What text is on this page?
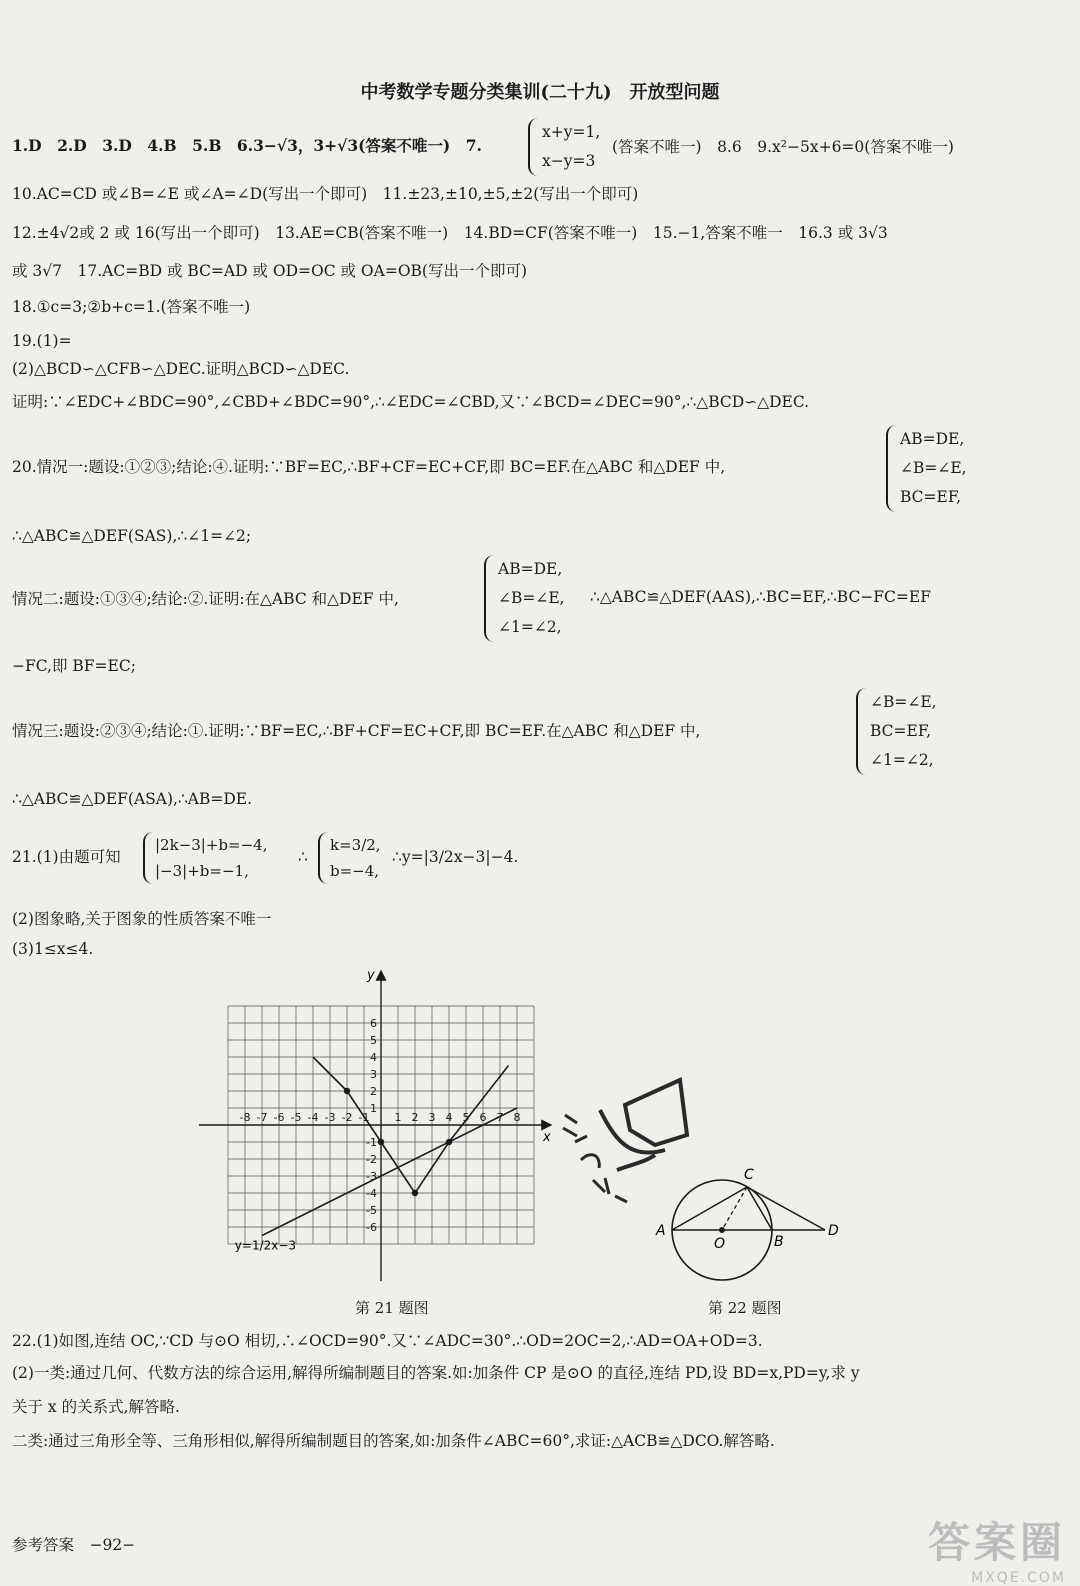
中考数学专题分类集训(二十九)　开放型问题
1.D　2.D　3.D　4.B　5.B　6.3−√3，3+√3(答案不唯一)　7.
x+y=1,
x−y=3
(答案不唯一)　8.6　9.x²−5x+6=0(答案不唯一)
10.AC=CD 或∠B=∠E 或∠A=∠D(写出一个即可)　11.±23,±10,±5,±2(写出一个即可)
12.±4√2或 2 或 16(写出一个即可)　13.AE=CB(答案不唯一)　14.BD=CF(答案不唯一)　15.−1,答案不唯一　16.3 或 3√3
或 3√7　17.AC=BD 或 BC=AD 或 OD=OC 或 OA=OB(写出一个即可)
18.①c=3;②b+c=1.(答案不唯一)
19.(1)=
(2)△BCD∽△CFB∽△DEC.证明△BCD∽△DEC.
证明:∵∠EDC+∠BDC=90°,∠CBD+∠BDC=90°,∴∠EDC=∠CBD,又∵∠BCD=∠DEC=90°,∴△BCD∽△DEC.
20.情况一:题设:①②③;结论:④.证明:∵BF=EC,∴BF+CF=EC+CF,即 BC=EF.在△ABC 和△DEF 中,
AB=DE,
∠B=∠E,
BC=EF,
∴△ABC≌△DEF(SAS),∴∠1=∠2;
情况二:题设:①③④;结论:②.证明:在△ABC 和△DEF 中,
AB=DE,
∠B=∠E,
∠1=∠2,
∴△ABC≌△DEF(AAS),∴BC=EF,∴BC−FC=EF
−FC,即 BF=EC;
情况三:题设:②③④;结论:①.证明:∵BF=EC,∴BF+CF=EC+CF,即 BC=EF.在△ABC 和△DEF 中,
∠B=∠E,
BC=EF,
∠1=∠2,
∴△ABC≌△DEF(ASA),∴AB=DE.
21.(1)由题可知
|2k−3|+b=−4,
|−3|+b=−1,
∴
k=3/2,
b=−4,
∴y=|3/2x−3|−4.
(2)图象略,关于图象的性质答案不唯一
(3)1≤x≤4.
x
y
-8 -7 -6 -5 -4 -3 -2 -1 1 2 3 4 5 6 7 8
6
5
4
3
2
1
-1
-2
-3
-4
-5
-6
y=1/2x−3
第 21 题图
A
O	B
C
D
第 22 题图
22.(1)如图,连结 OC,∵CD 与⊙O 相切,∴∠OCD=90°.又∵∠ADC=30°.∴OD=2OC=2,∴AD=OA+OD=3.
(2)一类:通过几何、代数方法的综合运用,解得所编制题目的答案.如:加条件 CP 是⊙O 的直径,连结 PD,设 BD=x,PD=y,求 y
关于 x 的关系式,解答略.
二类:通过三角形全等、三角形相似,解得所编制题目的答案,如:加条件∠ABC=60°,求证:△ACB≌△DCO.解答略.
参考答案　−92−	答案圈
MXQE.COM
